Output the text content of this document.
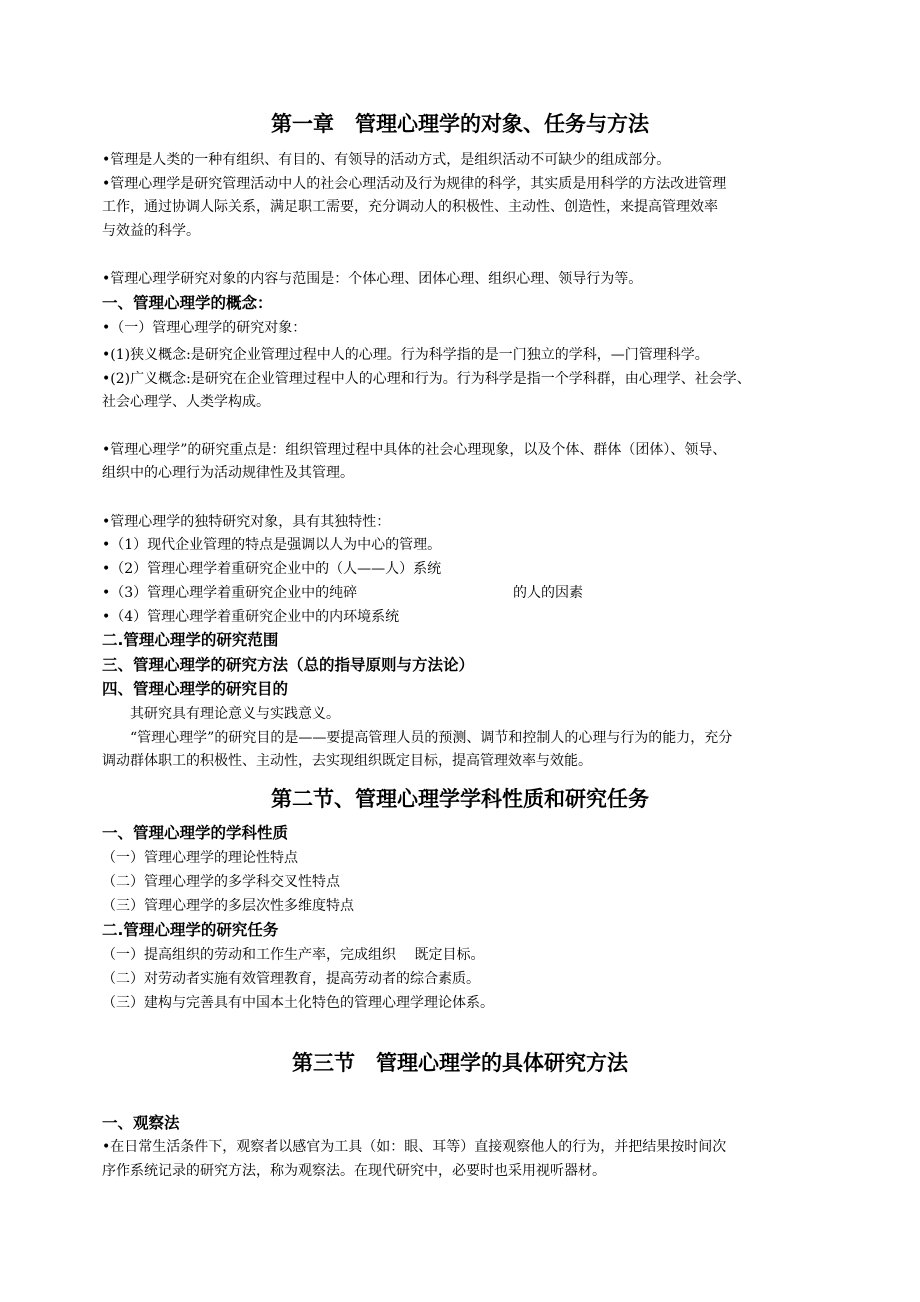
第一章　管理心理学的对象、任务与方法
•管理是人类的一种有组织、有目的、有领导的活动方式，是组织活动不可缺少的组成部分。
•管理心理学是研究管理活动中人的社会心理活动及行为规律的科学，其实质是用科学的方法改进管理
工作，通过协调人际关系，满足职工需要，充分调动人的积极性、主动性、创造性，来提高管理效率
与效益的科学。
•管理心理学研究对象的内容与范围是：个体心理、团体心理、组织心理、领导行为等。
一、管理心理学的概念：
•（一）管理心理学的研究对象：
•(1)狭义概念:是研究企业管理过程中人的心理。行为科学指的是一门独立的学科，—门管理科学。
•(2)广义概念:是研究在企业管理过程中人的心理和行为。行为科学是指一个学科群，由心理学、社会学、
社会心理学、人类学构成。
•管理心理学”的研究重点是：组织管理过程中具体的社会心理现象，以及个体、群体（团体）、领导、
组织中的心理行为活动规律性及其管理。
•管理心理学的独特研究对象，具有其独特性：
•（1）现代企业管理的特点是强调以人为中心的管理。
•（2）管理心理学着重研究企业中的（人——人）系统
•（3）管理心理学着重研究企业中的纯碎	的人的因素
•（4）管理心理学着重研究企业中的内环境系统
二.管理心理学的研究范围
三、管理心理学的研究方法（总的指导原则与方法论）
四、管理心理学的研究目的
其研究具有理论意义与实践意义。
“管理心理学”的研究目的是——要提高管理人员的预测、调节和控制人的心理与行为的能力，充分
调动群体职工的积极性、主动性，去实现组织既定目标，提高管理效率与效能。
第二节、管理心理学学科性质和研究任务
一、管理心理学的学科性质
（一）管理心理学的理论性特点
（二）管理心理学的多学科交叉性特点
（三）管理心理学的多层次性多维度特点
二.管理心理学的研究任务
（一）提高组织的劳动和工作生产率，完成组织　 既定目标。
（二）对劳动者实施有效管理教育，提高劳动者的综合素质。
（三）建构与完善具有中国本土化特色的管理心理学理论体系。
第三节　管理心理学的具体研究方法
一、观察法
•在日常生活条件下，观察者以感官为工具（如：眼、耳等）直接观察他人的行为，并把结果按时间次
序作系统记录的研究方法，称为观察法。在现代研究中，必要时也采用视听器材。
